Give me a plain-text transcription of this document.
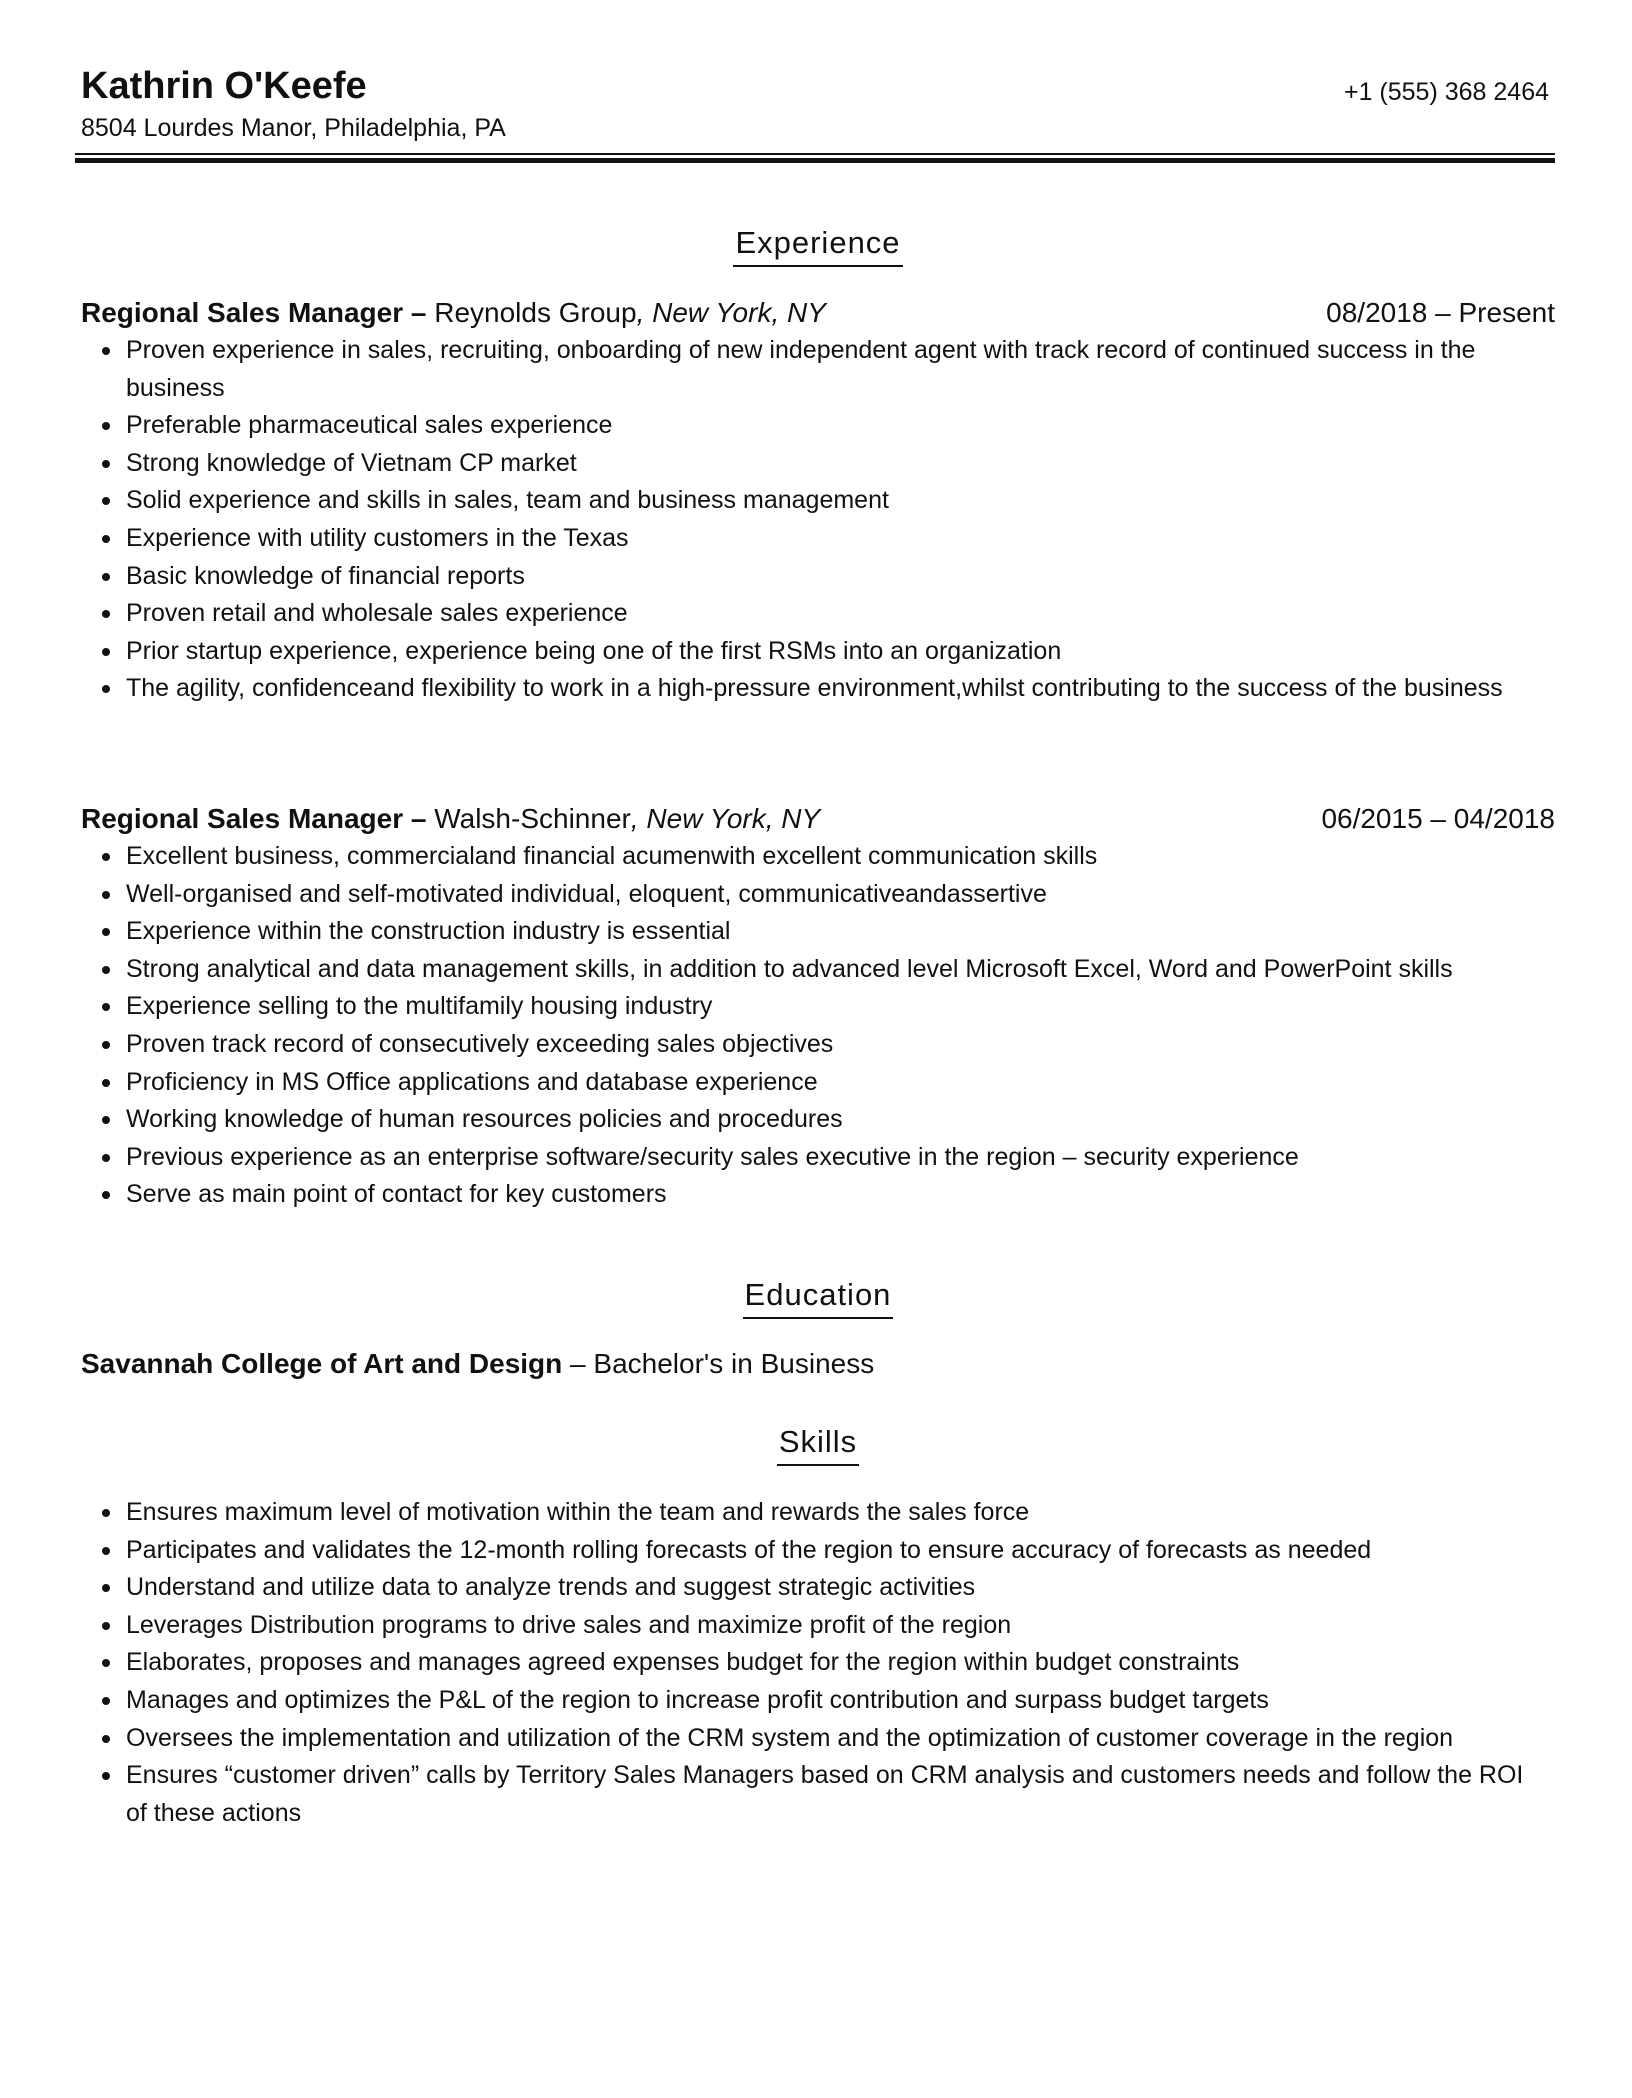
Kathrin O'Keefe
8504 Lourdes Manor, Philadelphia, PA
+1 (555) 368 2464
Experience
Regional Sales Manager – Reynolds Group, New York, NY	08/2018 – Present
Proven experience in sales, recruiting, onboarding of new independent agent with track record of continued success in the business
Preferable pharmaceutical sales experience
Strong knowledge of Vietnam CP market
Solid experience and skills in sales, team and business management
Experience with utility customers in the Texas
Basic knowledge of financial reports
Proven retail and wholesale sales experience
Prior startup experience, experience being one of the first RSMs into an organization
The agility, confidenceand flexibility to work in a high-pressure environment,whilst contributing to the success of the business
Regional Sales Manager – Walsh-Schinner, New York, NY	06/2015 – 04/2018
Excellent business, commercialand financial acumenwith excellent communication skills
Well-organised and self-motivated individual, eloquent, communicativeandassertive
Experience within the construction industry is essential
Strong analytical and data management skills, in addition to advanced level Microsoft Excel, Word and PowerPoint skills
Experience selling to the multifamily housing industry
Proven track record of consecutively exceeding sales objectives
Proficiency in MS Office applications and database experience
Working knowledge of human resources policies and procedures
Previous experience as an enterprise software/security sales executive in the region – security experience
Serve as main point of contact for key customers
Education
Savannah College of Art and Design – Bachelor's in Business
Skills
Ensures maximum level of motivation within the team and rewards the sales force
Participates and validates the 12-month rolling forecasts of the region to ensure accuracy of forecasts as needed
Understand and utilize data to analyze trends and suggest strategic activities
Leverages Distribution programs to drive sales and maximize profit of the region
Elaborates, proposes and manages agreed expenses budget for the region within budget constraints
Manages and optimizes the P&L of the region to increase profit contribution and surpass budget targets
Oversees the implementation and utilization of the CRM system and the optimization of customer coverage in the region
Ensures “customer driven” calls by Territory Sales Managers based on CRM analysis and customers needs and follow the ROI of these actions
